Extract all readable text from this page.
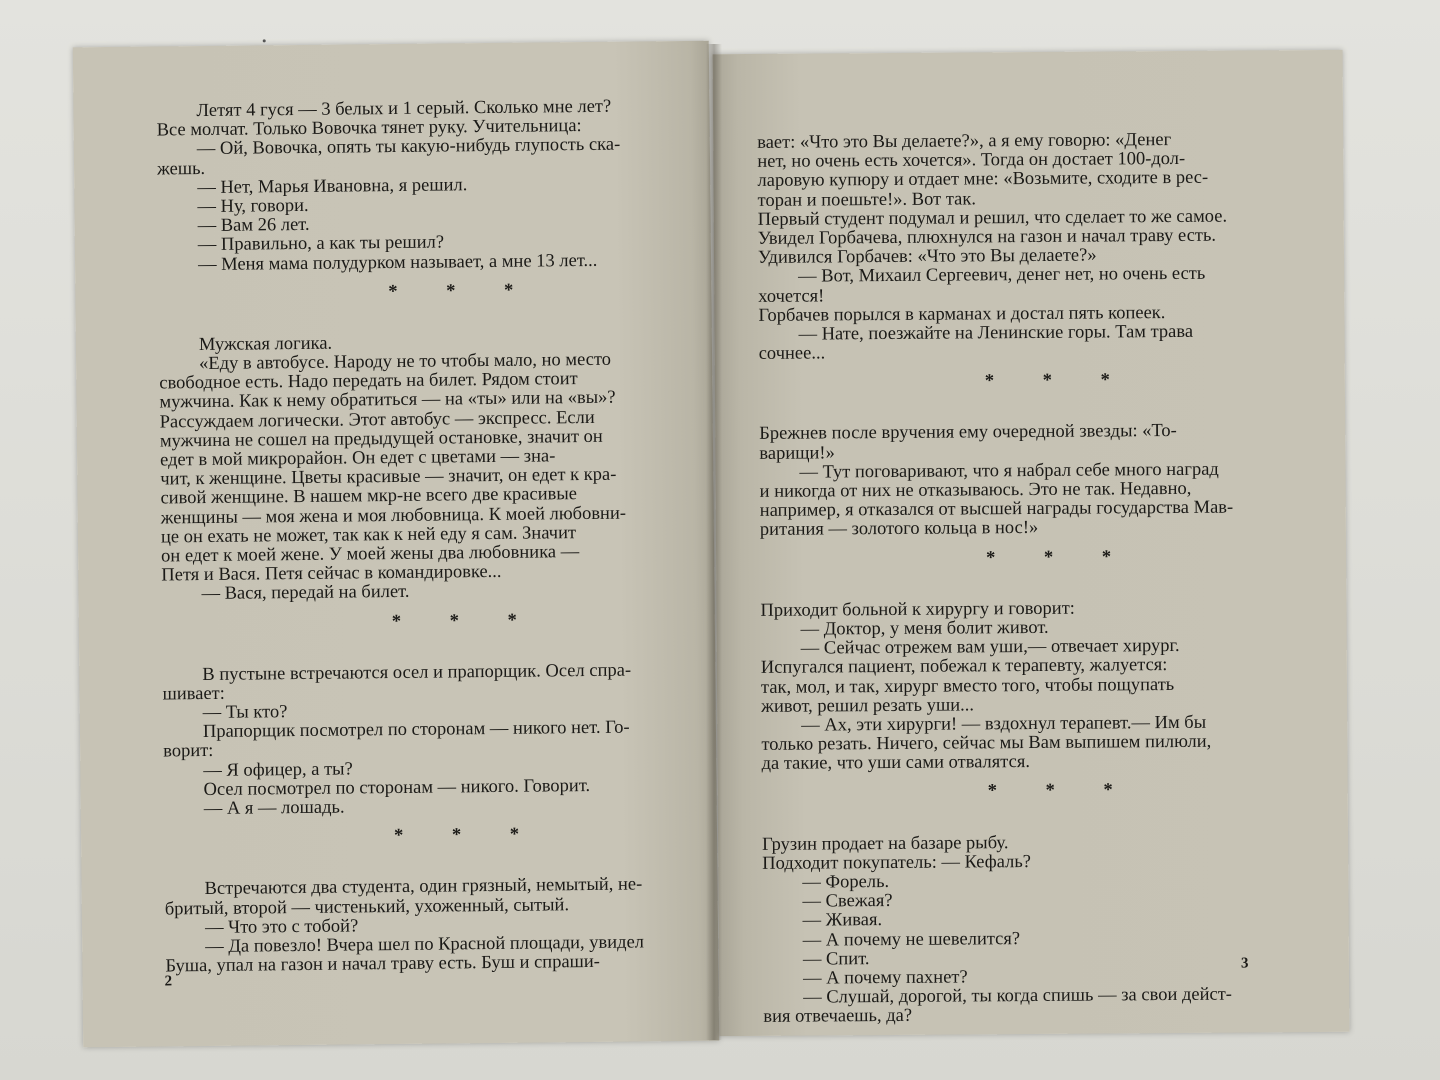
Летят 4 гуся — 3 белых и 1 серый. Сколько мне лет?
Все молчат. Только Вовочка тянет руку. Учительница:
— Ой, Вовочка, опять ты какую-нибудь глупость ска-
жешь.
— Нет, Марья Ивановна, я решил.
— Ну, говори.
— Вам 26 лет.
— Правильно, а как ты решил?
— Меня мама полудурком называет, а мне 13 лет...
* * *
Мужская логика.
«Еду в автобусе. Народу не то чтобы мало, но место
свободное есть. Надо передать на билет. Рядом стоит
мужчина. Как к нему обратиться — на «ты» или на «вы»?
Рассуждаем логически. Этот автобус — экспресс. Если
мужчина не сошел на предыдущей остановке, значит он
едет в мой микрорайон. Он едет с цветами — зна-
чит, к женщине. Цветы красивые — значит, он едет к кра-
сивой женщине. В нашем мкр-не всего две красивые
женщины — моя жена и моя любовница. К моей любовни-
це он ехать не может, так как к ней еду я сам. Значит
он едет к моей жене. У моей жены два любовника —
Петя и Вася. Петя сейчас в командировке...
— Вася, передай на билет.
* * *
В пустыне встречаются осел и прапорщик. Осел спра-
шивает:
— Ты кто?
Прапорщик посмотрел по сторонам — никого нет. Го-
ворит:
— Я офицер, а ты?
Осел посмотрел по сторонам — никого. Говорит.
— А я — лошадь.
* * *
Встречаются два студента, один грязный, немытый, не-
бритый, второй — чистенький, ухоженный, сытый.
— Что это с тобой?
— Да повезло! Вчера шел по Красной площади, увидел
Буша, упал на газон и начал траву есть. Буш и спраши-
2
вает: «Что это Вы делаете?», а я ему говорю: «Денег
нет, но очень есть хочется». Тогда он достает 100-дол-
ларовую купюру и отдает мне: «Возьмите, сходите в рес-
торан и поешьте!». Вот так.
Первый студент подумал и решил, что сделает то же самое.
Увидел Горбачева, плюхнулся на газон и начал траву есть.
Удивился Горбачев: «Что это Вы делаете?»
— Вот, Михаил Сергеевич, денег нет, но очень есть
хочется!
Горбачев порылся в карманах и достал пять копеек.
— Нате, поезжайте на Ленинские горы. Там трава
сочнее...
* * *
Брежнев после вручения ему очередной звезды: «То-
варищи!»
— Тут поговаривают, что я набрал себе много наград
и никогда от них не отказываюсь. Это не так. Недавно,
например, я отказался от высшей награды государства Мав-
ритания — золотого кольца в нос!»
* * *
Приходит больной к хирургу и говорит:
— Доктор, у меня болит живот.
— Сейчас отрежем вам уши,— отвечает хирург.
Испугался пациент, побежал к терапевту, жалуется:
так, мол, и так, хирург вместо того, чтобы пощупать
живот, решил резать уши...
— Ах, эти хирурги! — вздохнул терапевт.— Им бы
только резать. Ничего, сейчас мы Вам выпишем пилюли,
да такие, что уши сами отвалятся.
* * *
Грузин продает на базаре рыбу.
Подходит покупатель: — Кефаль?
— Форель.
— Свежая?
— Живая.
— А почему не шевелится?
— Спит.
— А почему пахнет?
— Слушай, дорогой, ты когда спишь — за свои дейст-
вия отвечаешь, да?
3
